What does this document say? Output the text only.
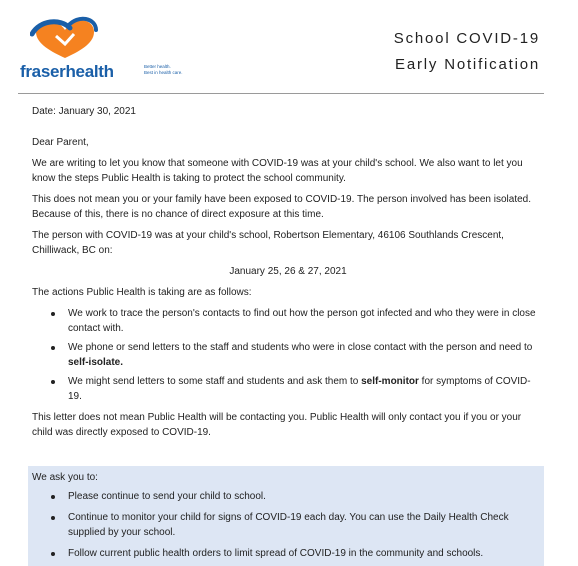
fraserhealth	Better health.
Best in health care.
School COVID-19
Early Notification

Date: January 30, 2021

Dear Parent,

We are writing to let you know that someone with COVID-19 was at your child's school. We also want to let you know the steps Public Health is taking to protect the school community.

This does not mean you or your family have been exposed to COVID-19. The person involved has been isolated. Because of this, there is no chance of direct exposure at this time.

The person with COVID-19 was at your child's school, Robertson Elementary, 46106 Southlands Crescent, Chilliwack, BC on:

January 25, 26 & 27, 2021

The actions Public Health is taking are as follows:

We work to trace the person's contacts to find out how the person got infected and who they were in close contact with.
We phone or send letters to the staff and students who were in close contact with the person and need to self-isolate.
We might send letters to some staff and students and ask them to self-monitor for symptoms of COVID-19.

This letter does not mean Public Health will be contacting you. Public Health will only contact you if you or your child was directly exposed to COVID-19.

We ask you to:

Please continue to send your child to school.
Continue to monitor your child for signs of COVID-19 each day. You can use the Daily Health Check supplied by your school.
Follow current public health orders to limit spread of COVID-19 in the community and schools.
